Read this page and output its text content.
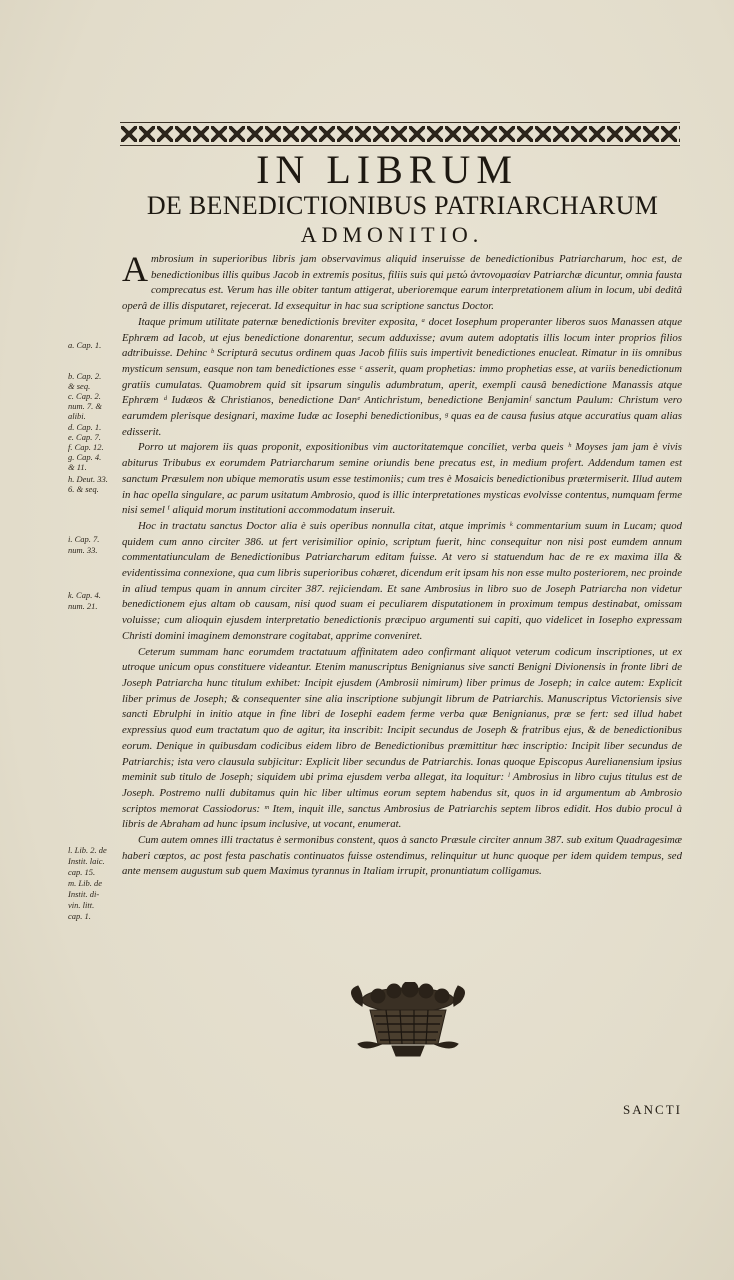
IN LIBRUM
DE BENEDICTIONIBUS PATRIARCHARUM
ADMONITIO.
a. Cap. 1.
b. Cap. 2.
& seq.
c. Cap. 2.
num. 7. &
alibi.
d. Cap. 1.
e. Cap. 7.
f. Cap. 12.
g. Cap. 4.
& 11.
h. Deut. 33.
6. & seq.
i. Cap. 7.
num. 33.
k. Cap. 4.
num. 21.
l. Lib. 2. de
Instit. laic.
cap. 15.
m. Lib. de
Instit. di-
vin. litt.
cap. 1.

Ambrosium in superioribus libris jam observavimus aliquid inseruisse de benedictionibus Patriarcharum, hoc est, de benedictionibus illis quibus Jacob in extremis positus, filiis suis qui μετώ ἀντονομασίαν Patriarchæ dicuntur, omnia fausta comprecatus est. Verum has ille obiter tantum attigerat, uberioremque earum interpretationem alium in locum, ubi deditâ operâ de illis disputaret, rejecerat. Id exsequitur in hac sua scriptione sanctus Doctor.

Itaque primum utilitate paternæ benedictionis breviter exposita, ᵃ docet Iosephum properanter liberos suos Manassen atque Ephræm ad Iacob, ut ejus benedictione donarentur, secum adduxisse; avum autem adoptatis illis locum inter proprios filios adtribuisse. Dehinc ᵇ Scripturâ secutus ordinem quas Jacob filiis suis impertivit benedictiones enucleat. Rimatur in iis omnibus mysticum sensum, easque non tam benedictiones esse ᶜ asserit, quam prophetias: immo prophetias esse, at variis benedictionum gratiis cumulatas. Quamobrem quid sit ipsarum singulis adumbratum, aperit, exempli causâ benedictione Manassis atque Ephræm ᵈ Iudæos & Christianos, benedictione Danᵉ Antichristum, benedictione Benjaminᶠ sanctum Paulum: Christum vero earumdem plerisque designari, maxime Iudæ ac Iosephi benedictionibus, ᵍ quas ea de causa fusius atque accuratius quam alias edisserit.

Porro ut majorem iis quas proponit, expositionibus vim auctoritatemque conciliet, verba queis ʰ Moyses jam jam è vivis abiturus Tribubus ex eorumdem Patriarcharum semine oriundis bene precatus est, in medium profert. Addendum tamen est sanctum Præsulem non ubique memoratis usum esse testimoniis; cum tres è Mosaicis benedictionibus prætermiserit. Illud autem in hac opella singulare, ac parum usitatum Ambrosio, quod is illic interpretationes mysticas evolvisse contentus, numquam ferme nisi semel ⁱ aliquid morum institutioni accommodatum inseruit.

Hoc in tractatu sanctus Doctor alia è suis operibus nonnulla citat, atque imprimis ᵏ commentarium suum in Lucam; quod quidem cum anno circiter 386. ut fert verisimilior opinio, scriptum fuerit, hinc consequitur non nisi post eumdem annum commentatiunculam de Benedictionibus Patriarcharum editam fuisse. At vero si statuendum hac de re ex maxima illa & evidentissima connexione, qua cum libris superioribus cohæret, dicendum erit ipsam his non esse multo posteriorem, nec proinde in aliud tempus quam in annum circiter 387. rejiciendam. Et sane Ambrosius in libro suo de Joseph Patriarcha non videtur benedictionem ejus altam ob causam, nisi quod suam ei peculiarem disputationem in proximum tempus destinabat, omissam voluisse; cum alioquin ejusdem interpretatio benedictionis præcipuo argumenti sui capiti, quo videlicet in Iosepho expressam Christi domini imaginem demonstrare cogitabat, apprime conveniret.

Ceterum summam hanc eorumdem tractatuum affinitatem adeo confirmant aliquot veterum codicum inscriptiones, ut ex utroque unicum opus constituere videantur. Etenim manuscriptus Benignianus sive sancti Benigni Divionensis in fronte libri de Joseph Patriarcha hunc titulum exhibet: Incipit ejusdem (Ambrosii nimirum) liber primus de Joseph; in calce autem: Explicit liber primus de Joseph; & consequenter sine alia inscriptione subjungit librum de Patriarchis. Manuscriptus Victoriensis sive sancti Ebrulphi in initio atque in fine libri de Iosephi eadem ferme verba quæ Benignianus, præ se fert: sed illud habet expressius quod eum tractatum quo de agitur, ita inscribit: Incipit secundus de Joseph & fratribus ejus, & de benedictionibus eorum. Denique in quibusdam codicibus eidem libro de Benedictionibus præmittitur hæc inscriptio: Incipit liber secundus de Patriarchis; ista vero clausula subjicitur: Explicit liber secundus de Patriarchis. Ionas quoque Episcopus Aurelianensium ipsius meminit sub titulo de Joseph; siquidem ubi prima ejusdem verba allegat, ita loquitur: ˡ Ambrosius in libro cujus titulus est de Joseph. Postremo nulli dubitamus quin hic liber ultimus eorum septem habendus sit, quos in id argumentum ab Ambrosio scriptos memorat Cassiodorus: ᵐ Item, inquit ille, sanctus Ambrosius de Patriarchis septem libros edidit. Hos dubio procul à libris de Abraham ad hunc ipsum inclusive, ut vocant, enumerat.

Cum autem omnes illi tractatus è sermonibus constent, quos à sancto Præsule circiter annum 387. sub exitum Quadragesimæ haberi cœptos, ac post festa paschatis continuatos fuisse ostendimus, relinquitur ut hunc quoque per idem quidem tempus, sed ante mensem augustum sub quem Maximus tyrannus in Italiam irrupit, pronuntiatum colligamus.

SANCTI
